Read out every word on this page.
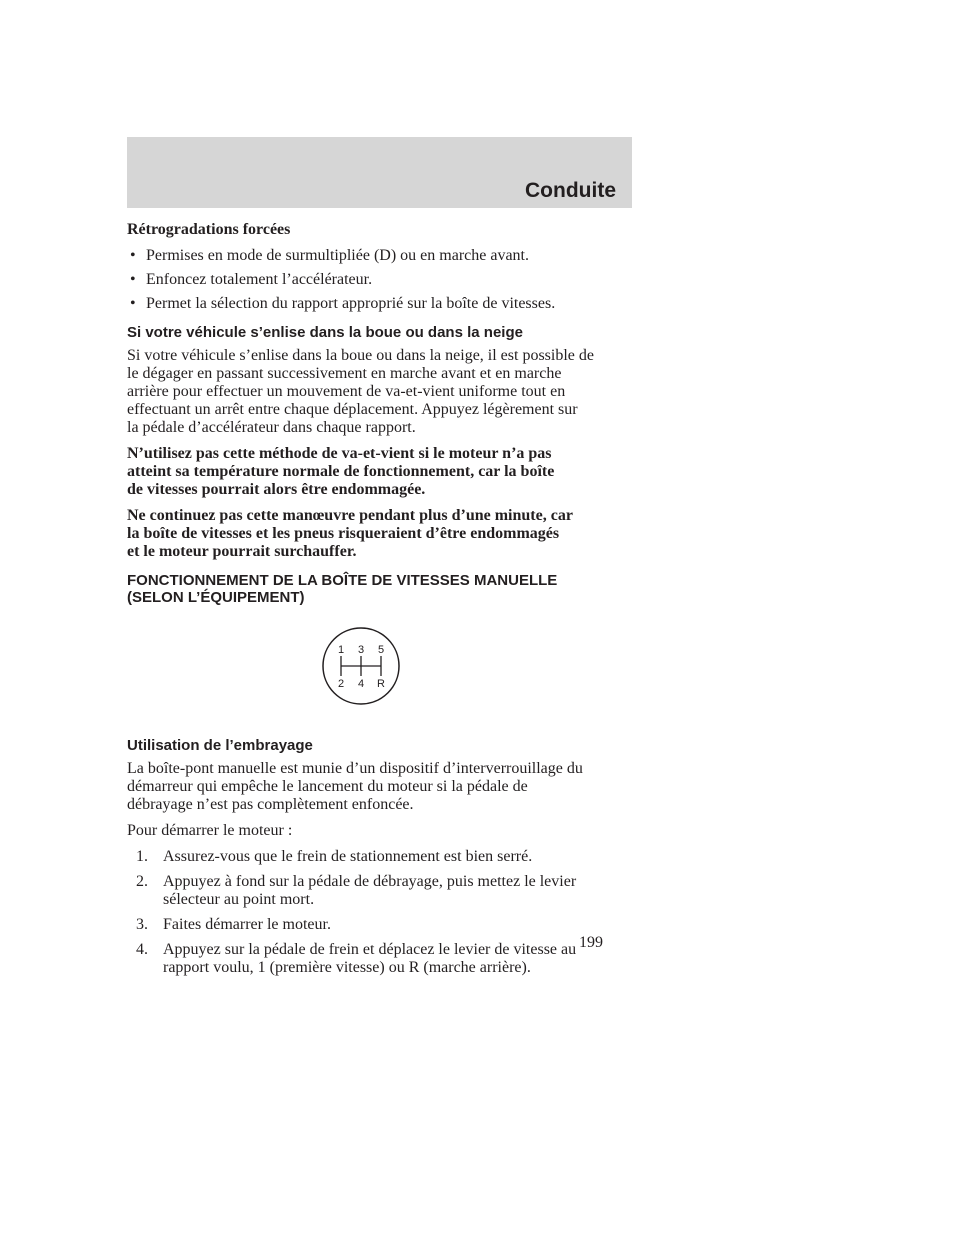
Conduite
Rétrogradations forcées
• Permises en mode de surmultipliée (D) ou en marche avant.
• Enfoncez totalement l’accélérateur.
• Permet la sélection du rapport approprié sur la boîte de vitesses.
Si votre véhicule s’enlise dans la boue ou dans la neige
Si votre véhicule s’enlise dans la boue ou dans la neige, il est possible de
le dégager en passant successivement en marche avant et en marche
arrière pour effectuer un mouvement de va-et-vient uniforme tout en
effectuant un arrêt entre chaque déplacement. Appuyez légèrement sur
la pédale d’accélérateur dans chaque rapport.
N’utilisez pas cette méthode de va-et-vient si le moteur n’a pas
atteint sa température normale de fonctionnement, car la boîte
de vitesses pourrait alors être endommagée.
Ne continuez pas cette manœuvre pendant plus d’une minute, car
la boîte de vitesses et les pneus risqueraient d’être endommagés
et le moteur pourrait surchauffer.
FONCTIONNEMENT DE LA BOÎTE DE VITESSES MANUELLE
(SELON L’ÉQUIPEMENT)
1 3 5
2 4 R
Utilisation de l’embrayage
La boîte-pont manuelle est munie d’un dispositif d’interverrouillage du
démarreur qui empêche le lancement du moteur si la pédale de
débrayage n’est pas complètement enfoncée.
Pour démarrer le moteur :
1. Assurez-vous que le frein de stationnement est bien serré.
2. Appuyez à fond sur la pédale de débrayage, puis mettez le levier
sélecteur au point mort.
3. Faites démarrer le moteur.
4. Appuyez sur la pédale de frein et déplacez le levier de vitesse au
rapport voulu, 1 (première vitesse) ou R (marche arrière).
199
